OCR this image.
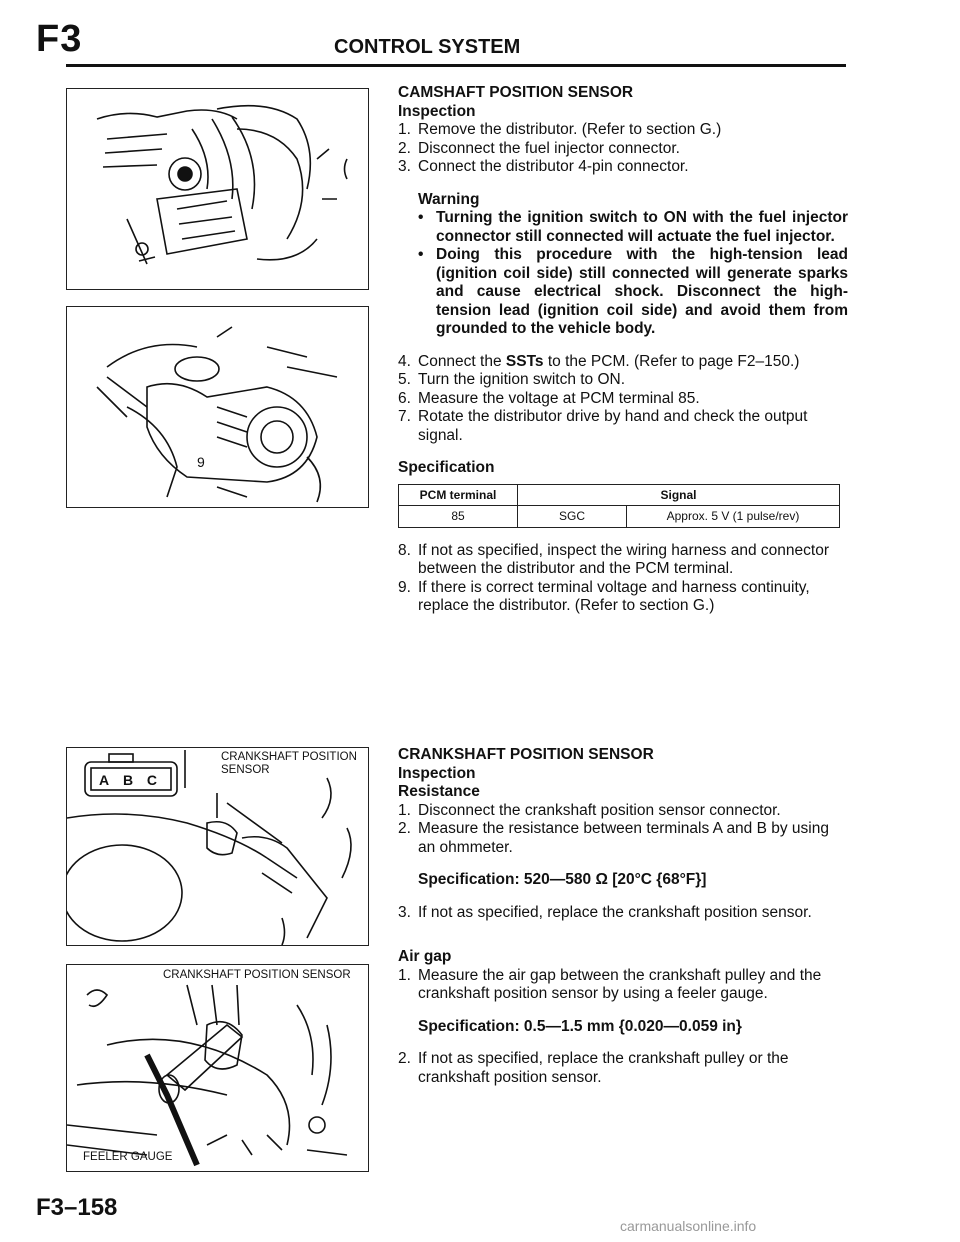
F3	CONTROL SYSTEM
9
A B C
CRANKSHAFT POSITION
SENSOR
CRANKSHAFT POSITION SENSOR
FEELER GAUGE
CAMSHAFT POSITION SENSOR
Inspection
1. Remove the distributor. (Refer to section G.)
2. Disconnect the fuel injector connector.
3. Connect the distributor 4-pin connector.
Warning
• Turning the ignition switch to ON with the fuel injector connector still connected will actuate the fuel injector.
• Doing this procedure with the high-tension lead (ignition coil side) still connected will generate sparks and cause electrical shock. Disconnect the high-tension lead (ignition coil side) and avoid them from grounded to the vehicle body.
4. Connect the SSTs to the PCM. (Refer to page F2–150.)
5. Turn the ignition switch to ON.
6. Measure the voltage at PCM terminal 85.
7. Rotate the distributor drive by hand and check the output signal.
Specification
PCM terminal	Signal	
85	SGC	Approx. 5 V (1 pulse/rev)
8. If not as specified, inspect the wiring harness and connector between the distributor and the PCM terminal.
9. If there is correct terminal voltage and harness continuity, replace the distributor. (Refer to section G.)
CRANKSHAFT POSITION SENSOR
Inspection
Resistance
1. Disconnect the crankshaft position sensor connector.
2. Measure the resistance between terminals A and B by using an ohmmeter.
Specification: 520—580 Ω [20°C {68°F}]
3. If not as specified, replace the crankshaft position sensor.
Air gap
1. Measure the air gap between the crankshaft pulley and the crankshaft position sensor by using a feeler gauge.
Specification: 0.5—1.5 mm {0.020—0.059 in}
2. If not as specified, replace the crankshaft pulley or the crankshaft position sensor.
F3–158
carmanualsonline.info
